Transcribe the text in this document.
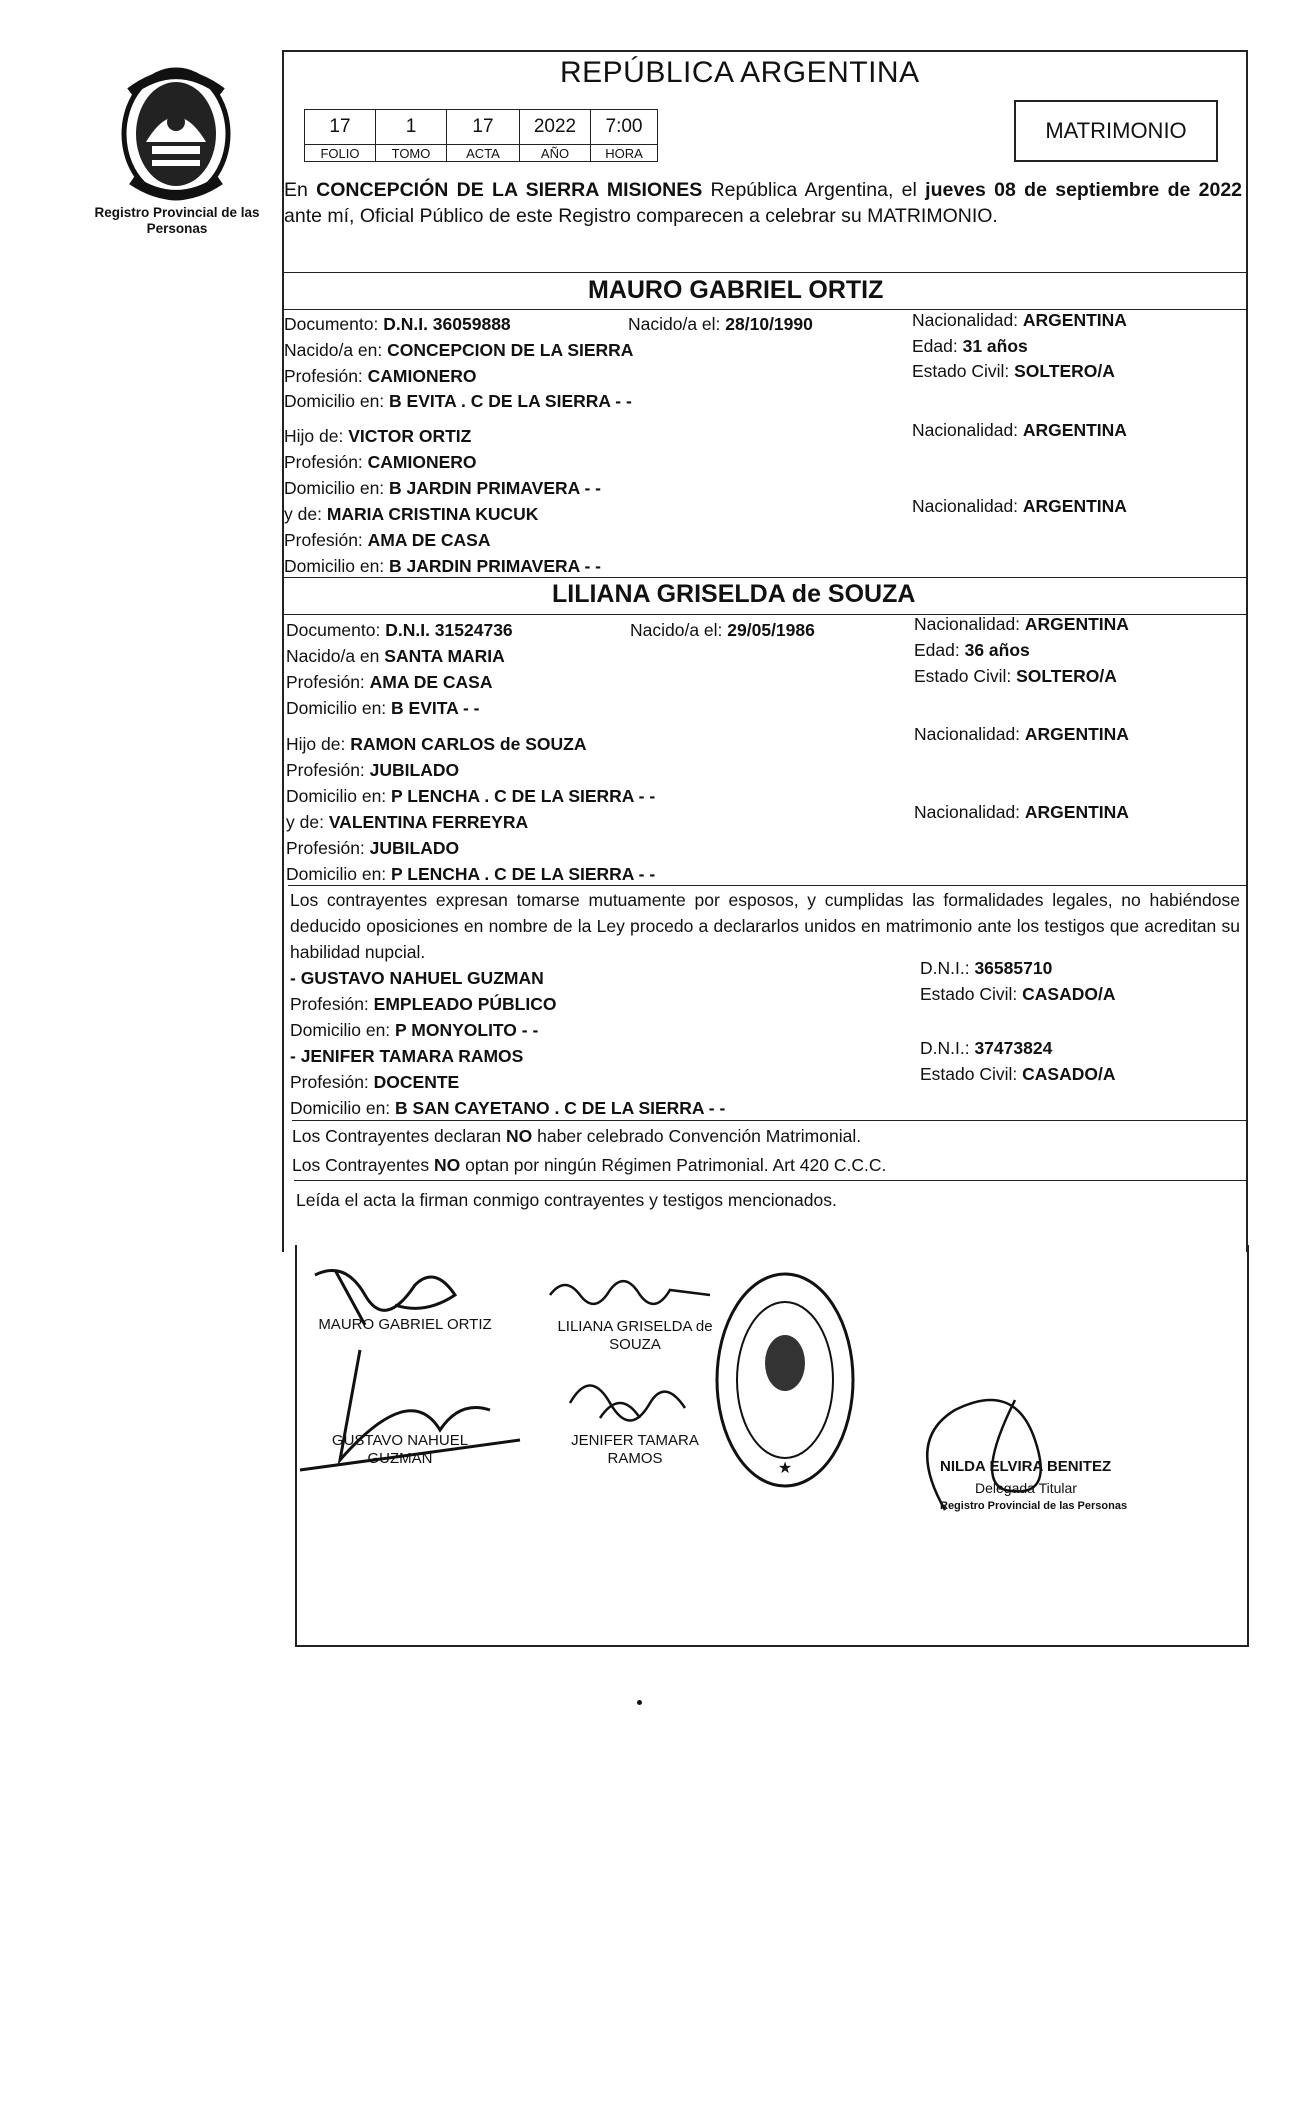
Registro Provincial de las Personas
REPÚBLICA ARGENTINA
MATRIMONIO
17	1	17	2022	7:00
FOLIO	TOMO	ACTA	AÑO	HORA
En CONCEPCIÓN DE LA SIERRA MISIONES República Argentina, el jueves 08 de septiembre de 2022 ante mí, Oficial Público de este Registro comparecen a celebrar su MATRIMONIO.
MAURO GABRIEL ORTIZ
Documento: D.N.I. 36059888	Nacido/a el: 28/10/1990	Nacionalidad: ARGENTINA
Nacido/a en: CONCEPCION DE LA SIERRA	Edad: 31 años
Profesión: CAMIONERO	Estado Civil: SOLTERO/A
Domicilio en: B EVITA . C DE LA SIERRA - -
Hijo de: VICTOR ORTIZ	Nacionalidad: ARGENTINA
Profesión: CAMIONERO
Domicilio en: B JARDIN PRIMAVERA - -
y de: MARIA CRISTINA KUCUK	Nacionalidad: ARGENTINA
Profesión: AMA DE CASA
Domicilio en: B JARDIN PRIMAVERA - -
LILIANA GRISELDA de SOUZA
Documento: D.N.I. 31524736	Nacido/a el: 29/05/1986	Nacionalidad: ARGENTINA
Nacido/a en SANTA MARIA	Edad: 36 años
Profesión: AMA DE CASA	Estado Civil: SOLTERO/A
Domicilio en: B EVITA - -
Hijo de: RAMON CARLOS de SOUZA	Nacionalidad: ARGENTINA
Profesión: JUBILADO
Domicilio en: P LENCHA . C DE LA SIERRA - -
y de: VALENTINA FERREYRA	Nacionalidad: ARGENTINA
Profesión: JUBILADO
Domicilio en: P LENCHA . C DE LA SIERRA - -
Los contrayentes expresan tomarse mutuamente por esposos, y cumplidas las formalidades legales, no habiéndose deducido oposiciones en nombre de la Ley procedo a declararlos unidos en matrimonio ante los testigos que acreditan su habilidad nupcial.
- GUSTAVO NAHUEL GUZMAN	D.N.I.: 36585710
Profesión: EMPLEADO PÚBLICO	Estado Civil: CASADO/A
Domicilio en: P MONYOLITO - -
- JENIFER TAMARA RAMOS	D.N.I.: 37473824
Profesión: DOCENTE	Estado Civil: CASADO/A
Domicilio en: B SAN CAYETANO . C DE LA SIERRA - -
Los Contrayentes declaran NO haber celebrado Convención Matrimonial.
Los Contrayentes NO optan por ningún Régimen Patrimonial. Art 420 C.C.C.
Leída el acta la firman conmigo contrayentes y testigos mencionados.
MAURO GABRIEL ORTIZ	LILIANA GRISELDA de SOUZA
GUSTAVO NAHUEL GUZMAN
JENIFER TAMARA RAMOS
★	NILDA ELVIRA BENITEZ
Delegada Titular
Registro Provincial de las Personas
